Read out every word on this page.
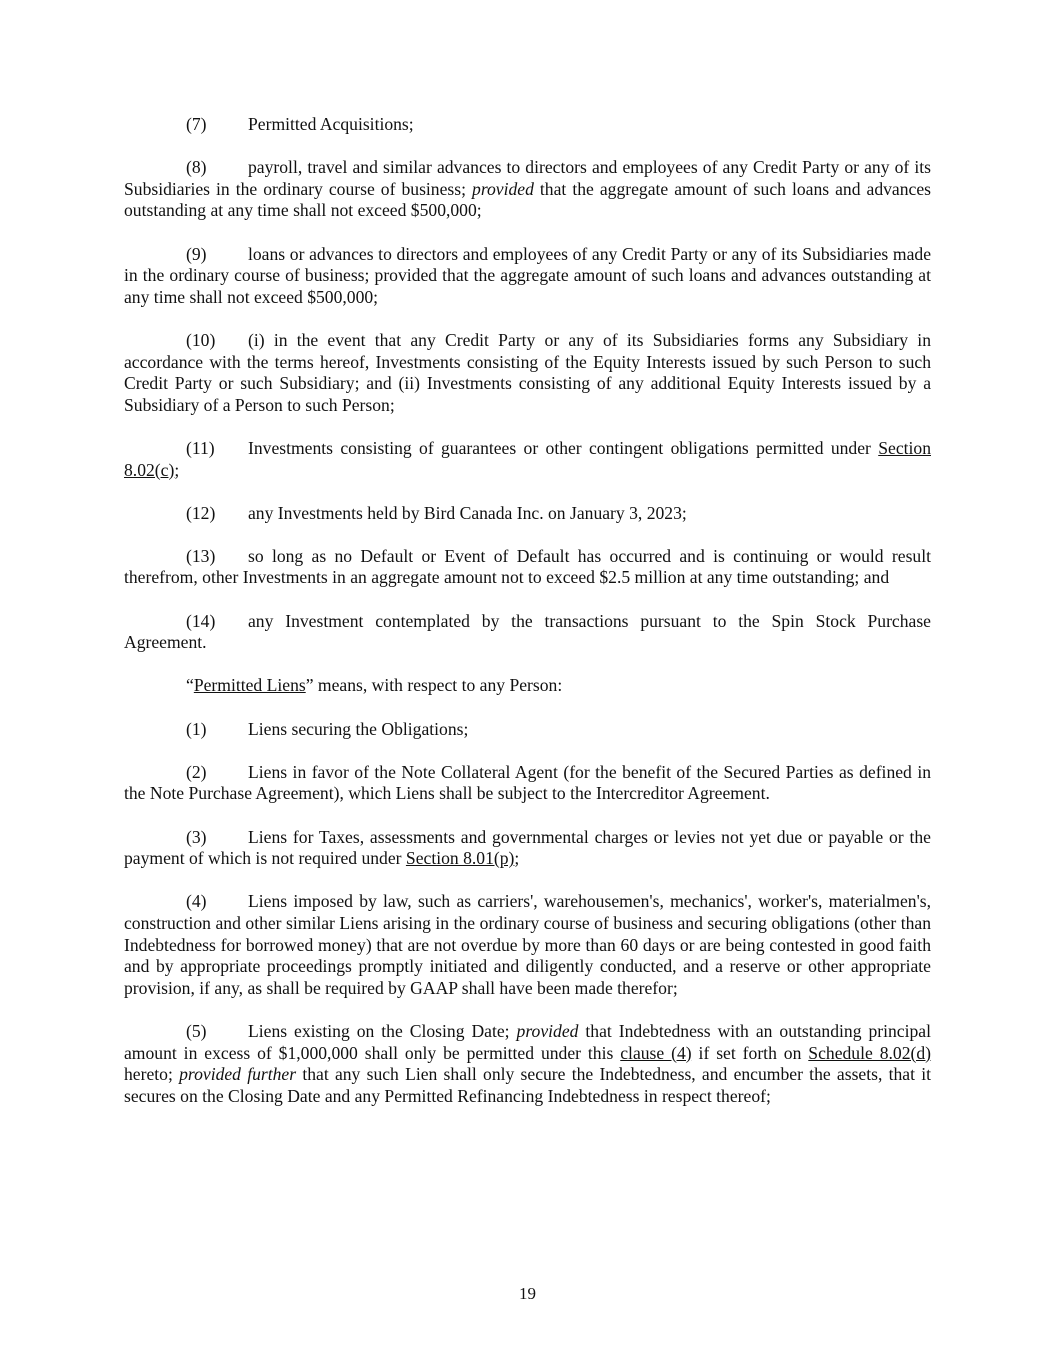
(7) Permitted Acquisitions;

(8) payroll, travel and similar advances to directors and employees of any Credit Party or any of its Subsidiaries in the ordinary course of business; provided that the aggregate amount of such loans and advances outstanding at any time shall not exceed $500,000;

(9) loans or advances to directors and employees of any Credit Party or any of its Subsidiaries made in the ordinary course of business; provided that the aggregate amount of such loans and advances outstanding at any time shall not exceed $500,000;

(10) (i) in the event that any Credit Party or any of its Subsidiaries forms any Subsidiary in accordance with the terms hereof, Investments consisting of the Equity Interests issued by such Person to such Credit Party or such Subsidiary; and (ii) Investments consisting of any additional Equity Interests issued by a Subsidiary of a Person to such Person;

(11) Investments consisting of guarantees or other contingent obligations permitted under Section 8.02(c);

(12) any Investments held by Bird Canada Inc. on January 3, 2023;

(13) so long as no Default or Event of Default has occurred and is continuing or would result therefrom, other Investments in an aggregate amount not to exceed $2.5 million at any time outstanding; and

(14) any Investment contemplated by the transactions pursuant to the Spin Stock Purchase Agreement.

“Permitted Liens” means, with respect to any Person:

(1) Liens securing the Obligations;

(2) Liens in favor of the Note Collateral Agent (for the benefit of the Secured Parties as defined in the Note Purchase Agreement), which Liens shall be subject to the Intercreditor Agreement.

(3) Liens for Taxes, assessments and governmental charges or levies not yet due or payable or the payment of which is not required under Section 8.01(p);

(4) Liens imposed by law, such as carriers', warehousemen's, mechanics', worker's, materialmen's, construction and other similar Liens arising in the ordinary course of business and securing obligations (other than Indebtedness for borrowed money) that are not overdue by more than 60 days or are being contested in good faith and by appropriate proceedings promptly initiated and diligently conducted, and a reserve or other appropriate provision, if any, as shall be required by GAAP shall have been made therefor;

(5) Liens existing on the Closing Date; provided that Indebtedness with an outstanding principal amount in excess of $1,000,000 shall only be permitted under this clause (4) if set forth on Schedule 8.02(d) hereto; provided further that any such Lien shall only secure the Indebtedness, and encumber the assets, that it secures on the Closing Date and any Permitted Refinancing Indebtedness in respect thereof;

19
